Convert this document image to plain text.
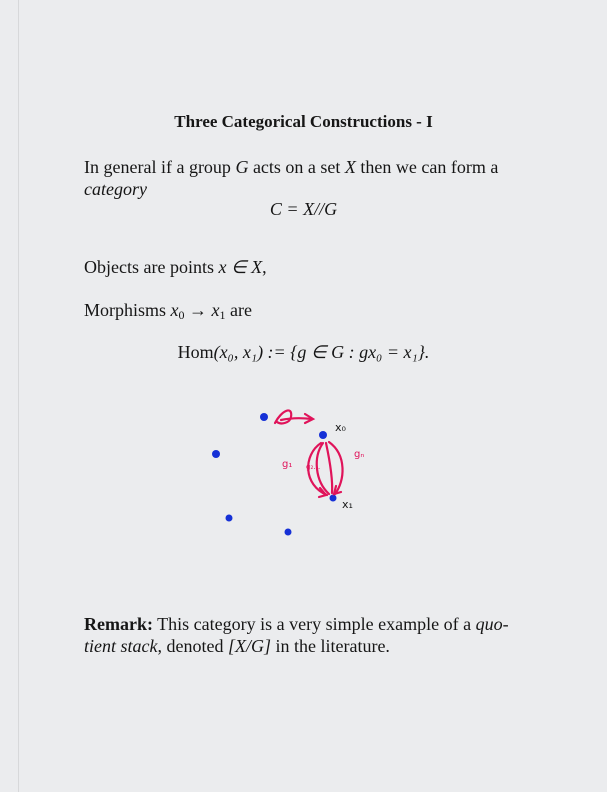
Three Categorical Constructions - I
In general if a group G acts on a set X then we can form a
category
C = X//G
Objects are points x ∈ X,
Morphisms $x_0 \to x_1$ are
Hom(x₀, x₁) := {g ∈ G : gx₀ = x₁}.
x₀
x₁
g₁ g₂…
gₙ
Remark: This category is a very simple example of a quo-
tient stack, denoted [X/G] in the literature.
